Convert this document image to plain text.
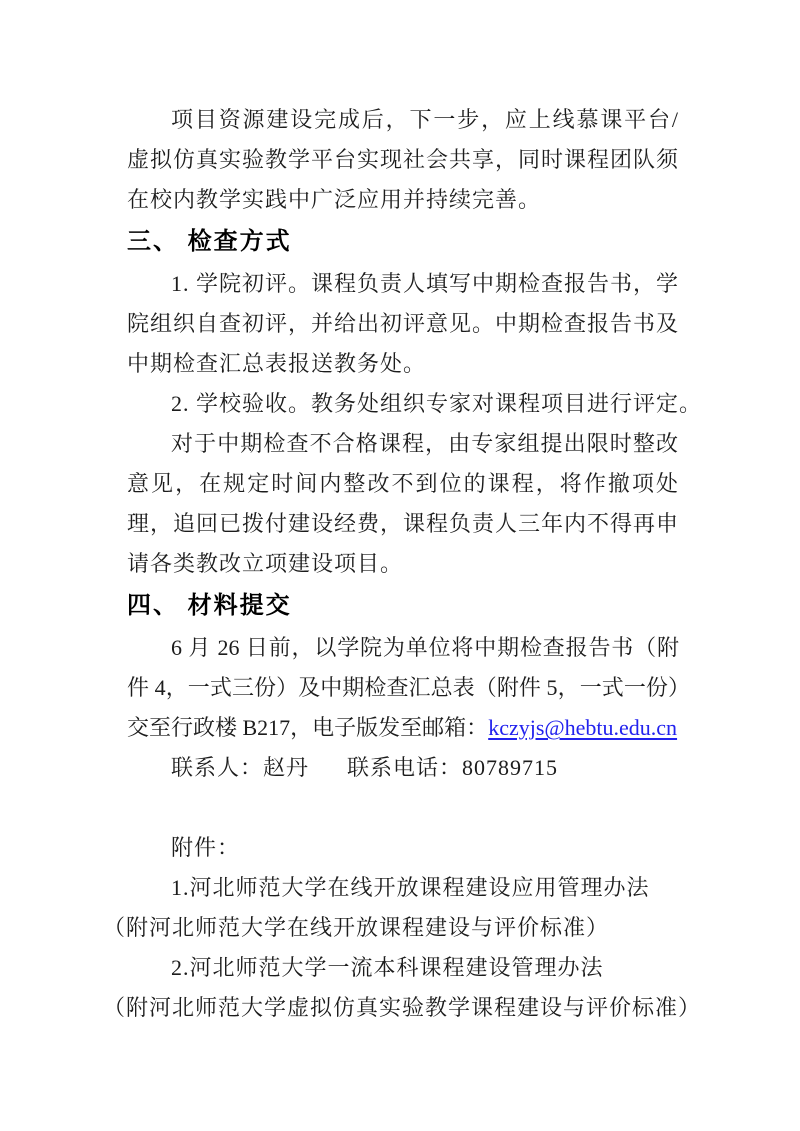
项目资源建设完成后，下一步，应上线慕课平台/虚拟仿真实验教学平台实现社会共享，同时课程团队须在校内教学实践中广泛应用并持续完善。

三、 检查方式

1. 学院初评。课程负责人填写中期检查报告书，学院组织自查初评，并给出初评意见。中期检查报告书及中期检查汇总表报送教务处。

2. 学校验收。教务处组织专家对课程项目进行评定。

对于中期检查不合格课程，由专家组提出限时整改意见，在规定时间内整改不到位的课程，将作撤项处理，追回已拨付建设经费，课程负责人三年内不得再申请各类教改立项建设项目。

四、 材料提交

6 月 26 日前，以学院为单位将中期检查报告书（附件 4，一式三份）及中期检查汇总表（附件 5，一式一份）交至行政楼 B217，电子版发至邮箱：kczyjs@hebtu.edu.cn

联系人：赵丹 联系电话：80789715

附件：

1.河北师范大学在线开放课程建设应用管理办法

（附河北师范大学在线开放课程建设与评价标准）

2.河北师范大学一流本科课程建设管理办法

（附河北师范大学虚拟仿真实验教学课程建设与评价标准）
